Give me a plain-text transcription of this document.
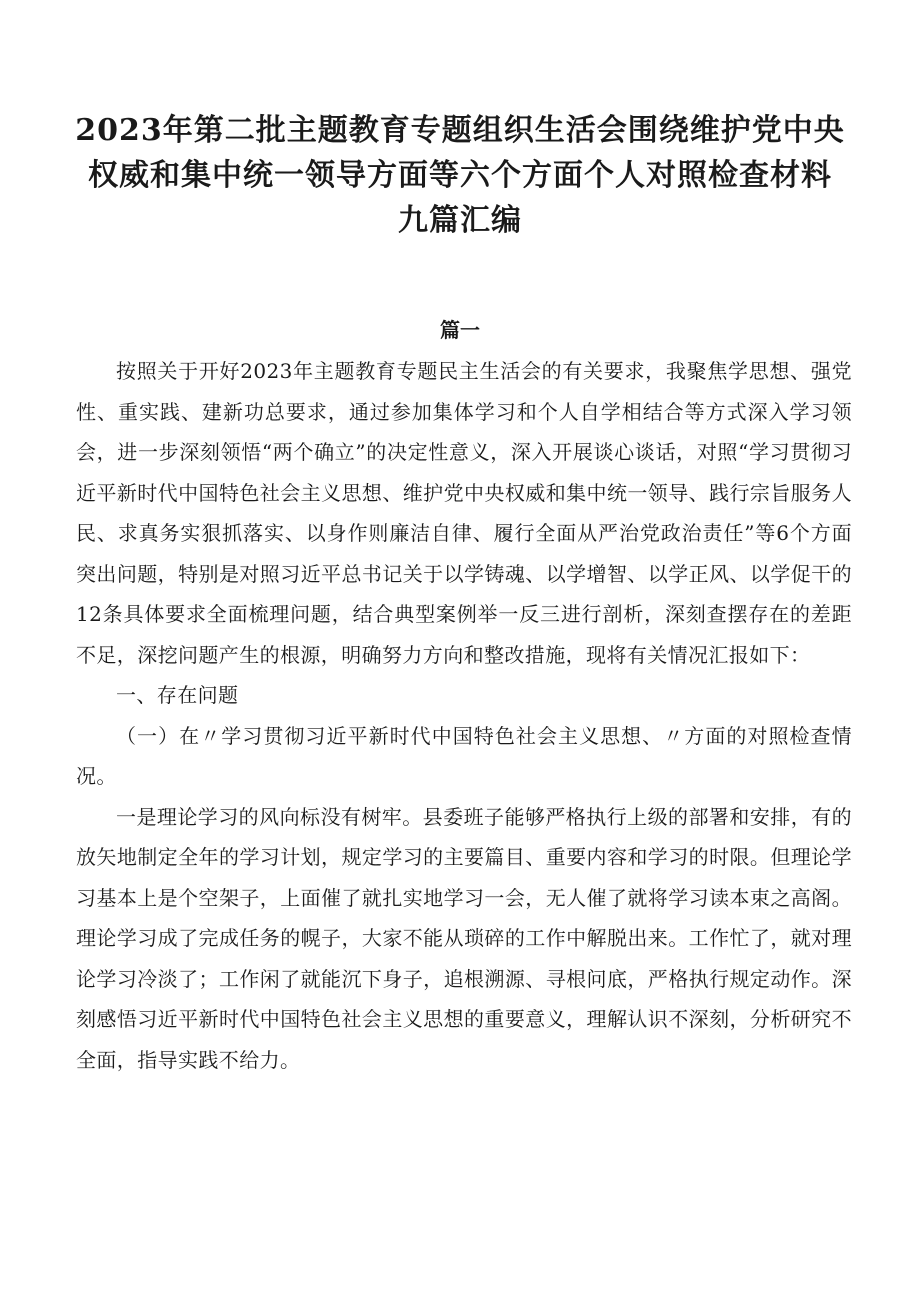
2023年第二批主题教育专题组织生活会围绕维护党中央
权威和集中统一领导方面等六个方面个人对照检查材料
九篇汇编
篇一

按照关于开好2023年主题教育专题民主生活会的有关要求，我聚焦学思想、强党性、重实践、建新功总要求，通过参加集体学习和个人自学相结合等方式深入学习领会，进一步深刻领悟“两个确立”的决定性意义，深入开展谈心谈话，对照“学习贯彻习近平新时代中国特色社会主义思想、维护党中央权威和集中统一领导、践行宗旨服务人民、求真务实狠抓落实、以身作则廉洁自律、履行全面从严治党政治责任”等6个方面突出问题，特别是对照习近平总书记关于以学铸魂、以学增智、以学正风、以学促干的12条具体要求全面梳理问题，结合典型案例举一反三进行剖析，深刻查摆存在的差距不足，深挖问题产生的根源，明确努力方向和整改措施，现将有关情况汇报如下：

一、存在问题

（一）在〃学习贯彻习近平新时代中国特色社会主义思想、〃方面的对照检查情况。

一是理论学习的风向标没有树牢。县委班子能够严格执行上级的部署和安排，有的放矢地制定全年的学习计划，规定学习的主要篇目、重要内容和学习的时限。但理论学习基本上是个空架子，上面催了就扎实地学习一会，无人催了就将学习读本束之高阁。理论学习成了完成任务的幌子，大家不能从琐碎的工作中解脱出来。工作忙了，就对理论学习冷淡了；工作闲了就能沉下身子，追根溯源、寻根问底，严格执行规定动作。深刻感悟习近平新时代中国特色社会主义思想的重要意义，理解认识不深刻，分析研究不全面，指导实践不给力。
